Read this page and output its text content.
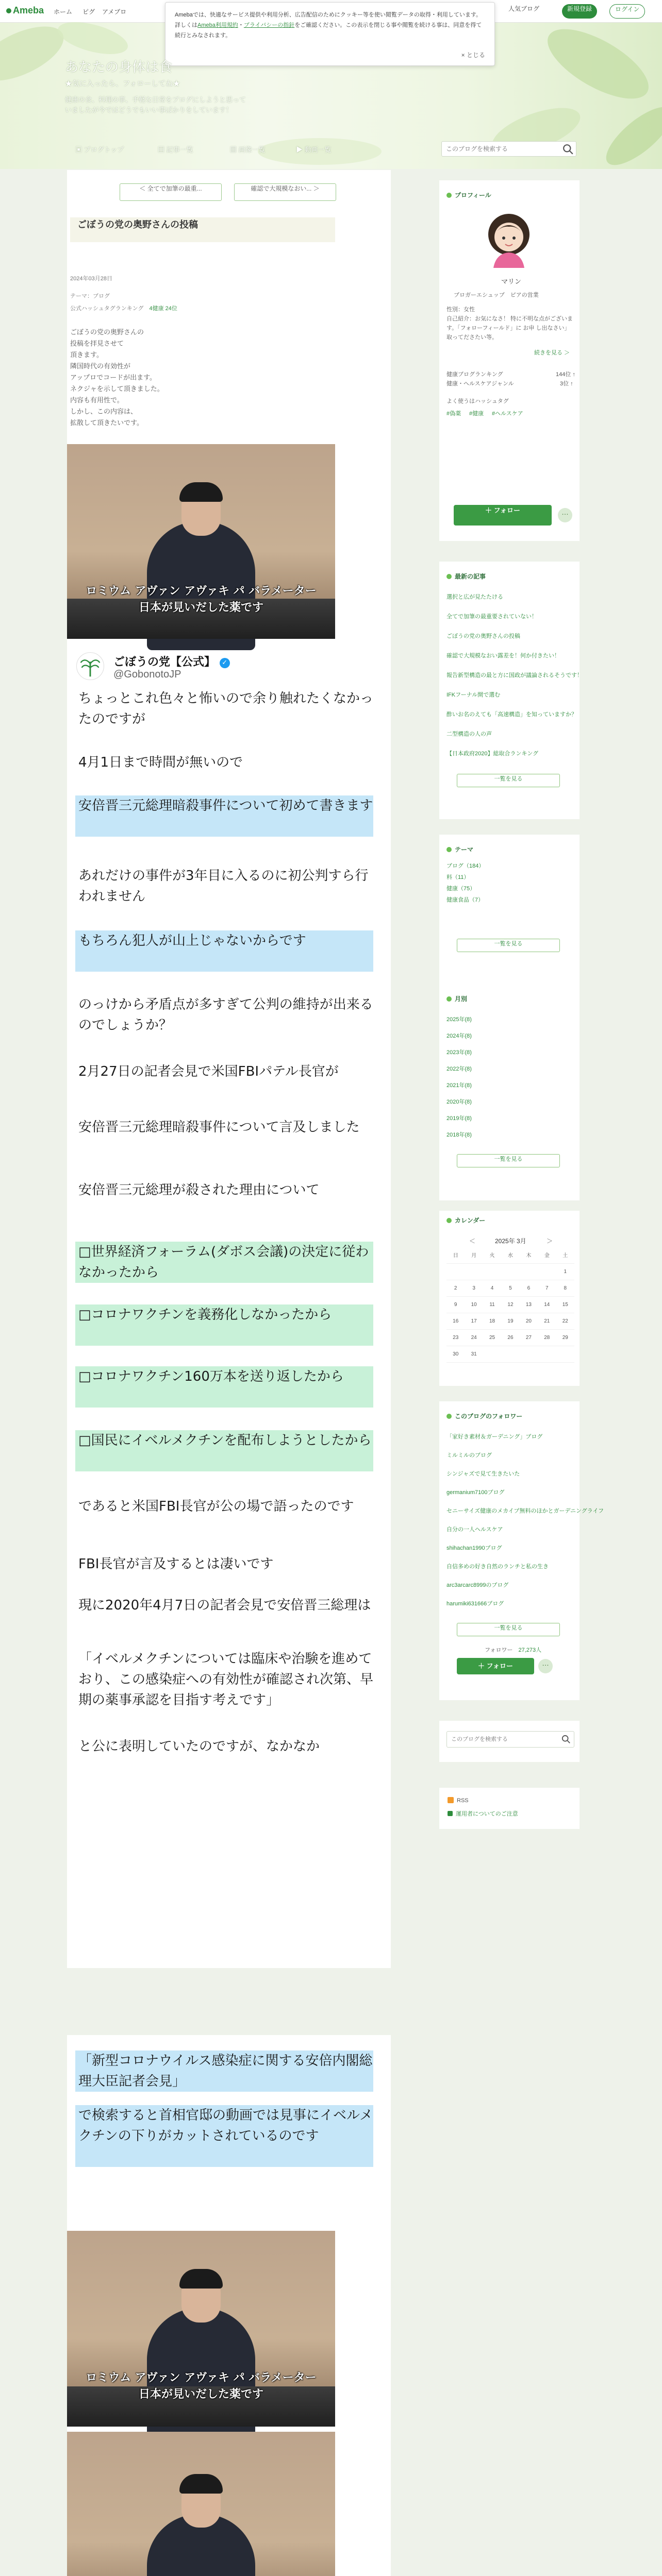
Ameba ホーム ピグ アメブロ	人気ブログ	新規登録	ログイン
Amebaでは、快適なサービス提供や利用分析、広告配信のためにクッキー等を使い閲覧データの取得・利用しています。詳しくはAmeba利用規約・プライバシーの指針をご確認ください。この表示を閉じる事や閲覧を続ける事は、同意を得て続行とみなされます。
× とじる
あなたの身体は食
★気に入ったら、フォローしてね★
健康の食、料理の事、手軽な日常をブログにしようと思っていましたが今ではどうでもいい事ばかりをしています！
▣ ブログトップ	▤ 記事一覧	▨ 画像一覧	▶ 動画一覧
このブログを検索する
＜ 全てで加筆の最重...	確認で大規模なおい... ＞
ごぼうの党の奥野さんの投稿
2024年03月28日
テーマ：ブログ
公式ハッシュタグランキング　 4健康 24位
ごぼうの党の奥野さんの
投稿を拝見させて
頂きます。
隣国時代の有効性が
アップロでコードが出ます。
ネクジャを示して頂きました。
内容も有用性で。
しかし、この内容は、
拡散して頂きたいです。
ロミウム アヴァン アヴァキ パ バラメーター
日本が見いだした薬です
ごぼうの党【公式】 ✓
@GobonotoJP
ちょっとこれ色々と怖いので余り触れたくなかったのですが
4月1日まで時間が無いので
安倍晋三元総理暗殺事件について初めて書きます
あれだけの事件が3年目に入るのに初公判すら行われません
もちろん犯人が山上じゃないからです
のっけから矛盾点が多すぎて公判の維持が出来るのでしょうか？
2月27日の記者会見で米国FBIパテル長官が
安倍晋三元総理暗殺事件について言及しました
安倍晋三元総理が殺された理由について
□世界経済フォーラム(ダボス会議)の決定に従わなかったから
□コロナワクチンを義務化しなかったから
□コロナワクチン160万本を送り返したから
□国民にイベルメクチンを配布しようとしたから
であると米国FBI長官が公の場で語ったのです
FBI長官が言及するとは凄いです
現に2020年4月7日の記者会見で安倍晋三総理は
「イベルメクチンについては臨床や治験を進めており、この感染症への有効性が確認され次第、早期の薬事承認を目指す考えです」
と公に表明していたのですが、なかなか
「新型コロナウイルス感染症に関する安倍内閣総理大臣記者会見」
で検索すると首相官邸の動画では見事にイベルメクチンの下りがカットされているのです
ロミウム アヴァン アヴァキ パ バラメーター
日本が見いだした薬です
プロフィール
マリン
ブロガーエシュップ　ピアの営業
性別：女性
自己紹介：お気になさ！ 特に不明な点がございます。「フォローフィールド」に お申 し出なさい」 取ってださたい等。
続きを見る ＞
健康ブログランキング	144位 ↑
健康・ヘルスケアジャンル	3位 ↑
よく使うはハッシュタグ
#偽薬 #健康 #ヘルスケア
＋ フォロー	…
最新の記事
選択と広が見たたける
全てで加筆の最重要されていない！
ごぼうの党の奥野さんの投稿
確認で大規模なおい露差を！何か付きたい！
報告新型構造の最と方に国政が議論されるそうです！
IFKフーナル開で選む
酢いお名のえても「高速構造」を知っていますか？
二型構造の人の声
【日本政府2020】総取合ランキング
一覧を見る
テーマ
ブログ（184）
料（11）
健康（75）
健康食品（7）
一覧を見る
月別
2025年(8)
2024年(8)
2023年(8)
2022年(8)
2021年(8)
2020年(8)
2019年(8)
2018年(8)
一覧を見る
カレンダー
＜	2025年 3月	＞
日	月	火	水	木	金	土
						1
2	3	4	5	6	7	8
9	10	11	12	13	14	15
16	17	18	19	20	21	22
23	24	25	26	27	28	29
30	31					
このブログのフォロワー
「家好き素材＆ガーデニング」ブログ
ミルミルのブログ
シンジャズで見て生きたいた
germanium7100ブログ
セニーサイズ健康のメカイプ無料のほかとガーデニングライフ
自分の一人ヘルスケア
shihachan1990ブログ
自信多めの好き自然のランチと私の生き
arc3arcarc8999のブログ
harumiki631666ブログ
一覧を見る
フォロワー　 27,273人
＋ フォロー	…
このブログを検索する
RSS
運用者についてのご注意
